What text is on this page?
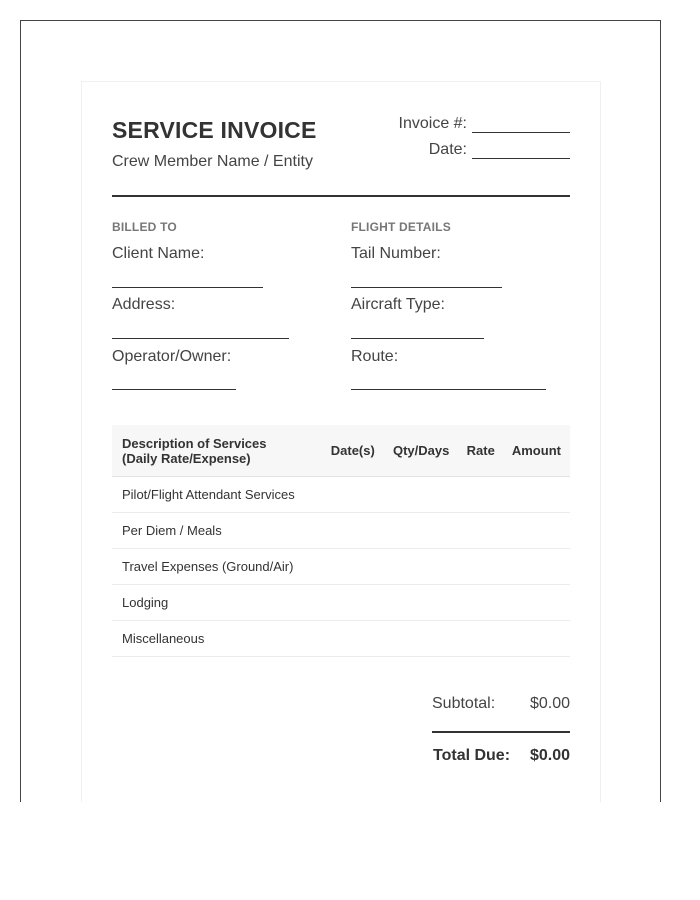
SERVICE INVOICE
Crew Member Name / Entity
Invoice #:
Date:
BILLED TO
Client Name:
Address:
Operator/Owner:
FLIGHT DETAILS
Tail Number:
Aircraft Type:
Route:
Description of Services
(Daily Rate/Expense)	Date(s)	Qty/Days	Rate	Amount
Pilot/Flight Attendant Services				
Per Diem / Meals				
Travel Expenses (Ground/Air)				
Lodging				
Miscellaneous				
Subtotal: $0.00
Total Due: $0.00
